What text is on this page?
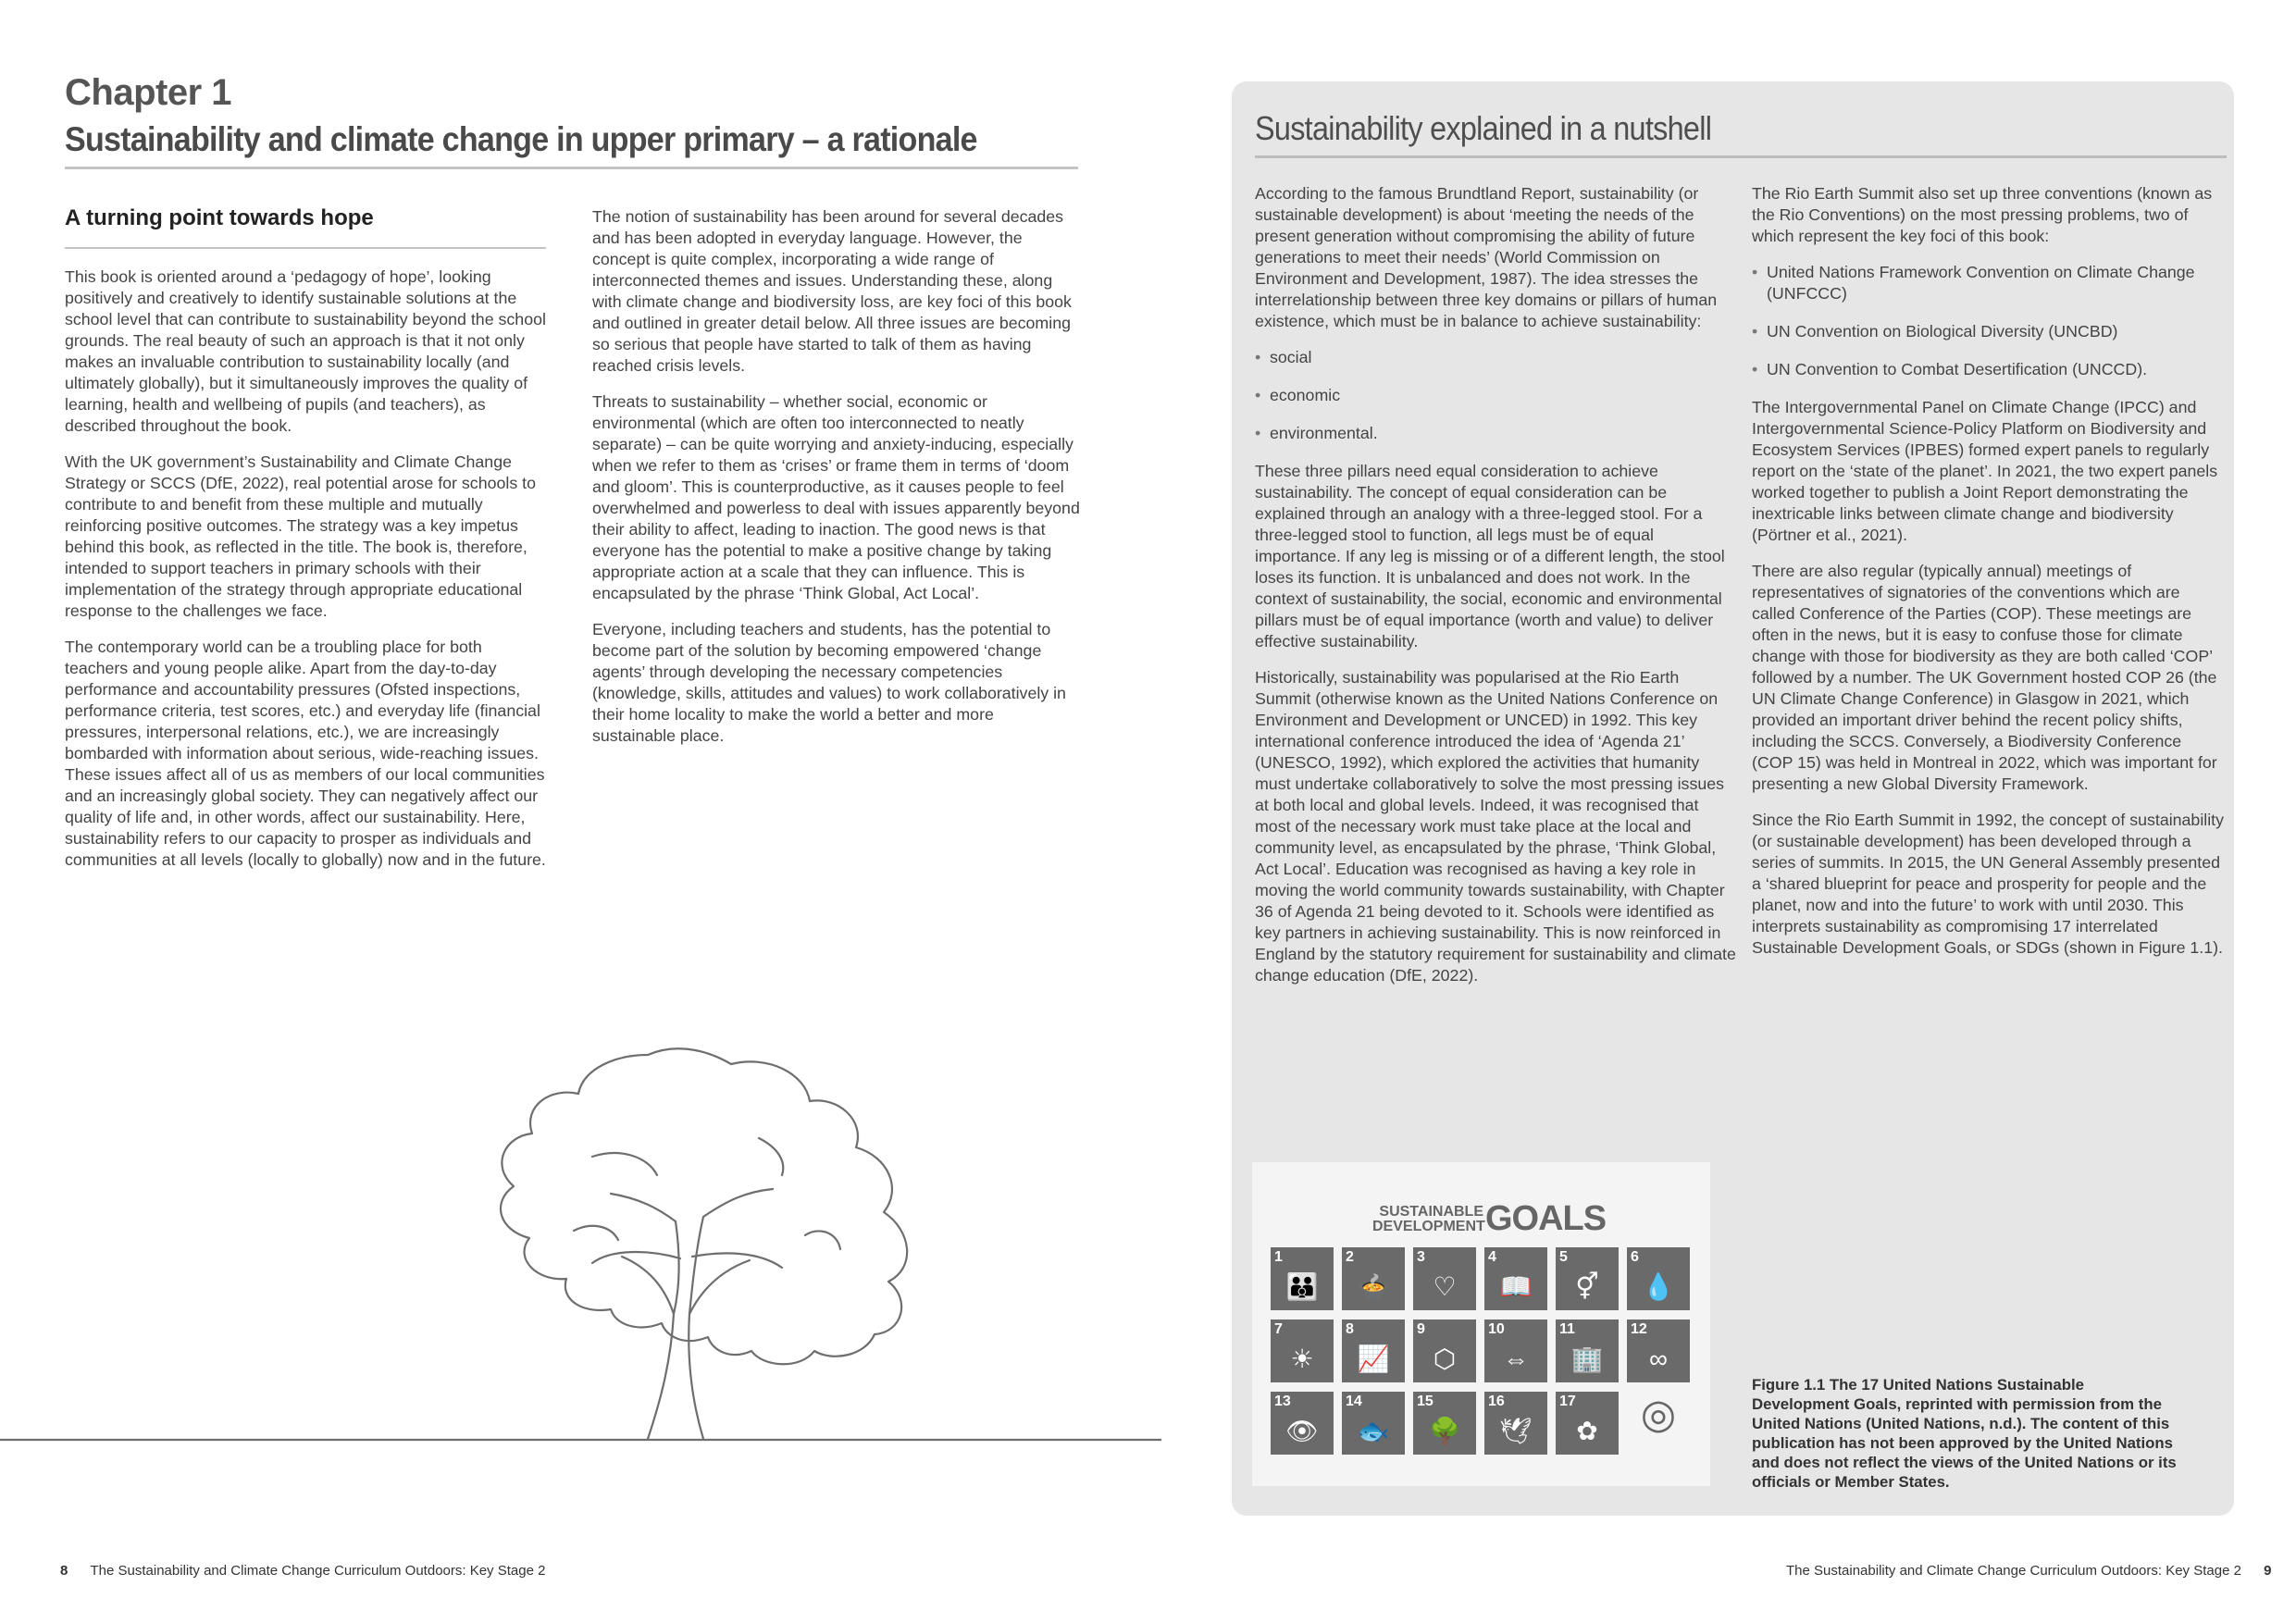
Chapter 1
Sustainability and climate change in upper primary – a rationale
A turning point towards hope

This book is oriented around a ‘pedagogy of hope’, looking positively and creatively to identify sustainable solutions at the school level that can contribute to sustainability beyond the school grounds. The real beauty of such an approach is that it not only makes an invaluable contribution to sustainability locally (and ultimately globally), but it simultaneously improves the quality of learning, health and wellbeing of pupils (and teachers), as described throughout the book.

With the UK government’s Sustainability and Climate Change Strategy or SCCS (DfE, 2022), real potential arose for schools to contribute to and benefit from these multiple and mutually reinforcing positive outcomes. The strategy was a key impetus behind this book, as reflected in the title. The book is, therefore, intended to support teachers in primary schools with their implementation of the strategy through appropriate educational response to the challenges we face.

The contemporary world can be a troubling place for both teachers and young people alike. Apart from the day-to-day performance and accountability pressures (Ofsted inspections, performance criteria, test scores, etc.) and everyday life (financial pressures, interpersonal relations, etc.), we are increasingly bombarded with information about serious, wide-reaching issues. These issues affect all of us as members of our local communities and an increasingly global society. They can negatively affect our quality of life and, in other words, affect our sustainability. Here, sustainability refers to our capacity to prosper as individuals and communities at all levels (locally to globally) now and in the future.

The notion of sustainability has been around for several decades and has been adopted in everyday language. However, the concept is quite complex, incorporating a wide range of interconnected themes and issues. Understanding these, along with climate change and biodiversity loss, are key foci of this book and outlined in greater detail below. All three issues are becoming so serious that people have started to talk of them as having reached crisis levels.

Threats to sustainability – whether social, economic or environmental (which are often too interconnected to neatly separate) – can be quite worrying and anxiety-inducing, especially when we refer to them as ‘crises’ or frame them in terms of ‘doom and gloom’. This is counterproductive, as it causes people to feel overwhelmed and powerless to deal with issues apparently beyond their ability to affect, leading to inaction. The good news is that everyone has the potential to make a positive change by taking appropriate action at a scale that they can influence. This is encapsulated by the phrase ‘Think Global, Act Local’.

Everyone, including teachers and students, has the potential to become part of the solution by becoming empowered ‘change agents’ through developing the necessary competencies (knowledge, skills, attitudes and values) to work collaboratively in their home locality to make the world a better and more sustainable place.

8 The Sustainability and Climate Change Curriculum Outdoors: Key Stage 2
Sustainability explained in a nutshell

According to the famous Brundtland Report, sustainability (or sustainable development) is about ‘meeting the needs of the present generation without compromising the ability of future generations to meet their needs’ (World Commission on Environment and Development, 1987). The idea stresses the interrelationship between three key domains or pillars of human existence, which must be in balance to achieve sustainability:

• social
• economic
• environmental.

These three pillars need equal consideration to achieve sustainability. The concept of equal consideration can be explained through an analogy with a three-legged stool. For a three-legged stool to function, all legs must be of equal importance. If any leg is missing or of a different length, the stool loses its function. It is unbalanced and does not work. In the context of sustainability, the social, economic and environmental pillars must be of equal importance (worth and value) to deliver effective sustainability.

Historically, sustainability was popularised at the Rio Earth Summit (otherwise known as the United Nations Conference on Environment and Development or UNCED) in 1992. This key international conference introduced the idea of ‘Agenda 21’ (UNESCO, 1992), which explored the activities that humanity must undertake collaboratively to solve the most pressing issues at both local and global levels. Indeed, it was recognised that most of the necessary work must take place at the local and community level, as encapsulated by the phrase, ‘Think Global, Act Local’. Education was recognised as having a key role in moving the world community towards sustainability, with Chapter 36 of Agenda 21 being devoted to it. Schools were identified as key partners in achieving sustainability. This is now reinforced in England by the statutory requirement for sustainability and climate change education (DfE, 2022).

The Rio Earth Summit also set up three conventions (known as the Rio Conventions) on the most pressing problems, two of which represent the key foci of this book:

• United Nations Framework Convention on Climate Change (UNFCCC)
• UN Convention on Biological Diversity (UNCBD)
• UN Convention to Combat Desertification (UNCCD).

The Intergovernmental Panel on Climate Change (IPCC) and Intergovernmental Science-Policy Platform on Biodiversity and Ecosystem Services (IPBES) formed expert panels to regularly report on the ‘state of the planet’. In 2021, the two expert panels worked together to publish a Joint Report demonstrating the inextricable links between climate change and biodiversity (Pörtner et al., 2021).

There are also regular (typically annual) meetings of representatives of signatories of the conventions which are called Conference of the Parties (COP). These meetings are often in the news, but it is easy to confuse those for climate change with those for biodiversity as they are both called ‘COP’ followed by a number. The UK Government hosted COP 26 (the UN Climate Change Conference) in Glasgow in 2021, which provided an important driver behind the recent policy shifts, including the SCCS. Conversely, a Biodiversity Conference (COP 15) was held in Montreal in 2022, which was important for presenting a new Global Diversity Framework.

Since the Rio Earth Summit in 1992, the concept of sustainability (or sustainable development) has been developed through a series of summits. In 2015, the UN General Assembly presented a ‘shared blueprint for peace and prosperity for people and the planet, now and into the future’ to work with until 2030. This interprets sustainability as compromising 17 interrelated Sustainable Development Goals, or SDGs (shown in Figure 1.1).

SUSTAINABLE
DEVELOPMENT GOALS
1
👪
2
🍲
3
♡
4
📖
5
⚥
6
💧
7
☀
8
📈
9
⬡
10
⇔
11
🏢
12
∞
13
👁
14
🐟
15
🌳
16
🕊
17
✿	◎
Figure 1.1 The 17 United Nations Sustainable Development Goals, reprinted with permission from the United Nations (United Nations, n.d.). The content of this publication has not been approved by the United Nations and does not reflect the views of the United Nations or its officials or Member States.
The Sustainability and Climate Change Curriculum Outdoors: Key Stage 2 9
